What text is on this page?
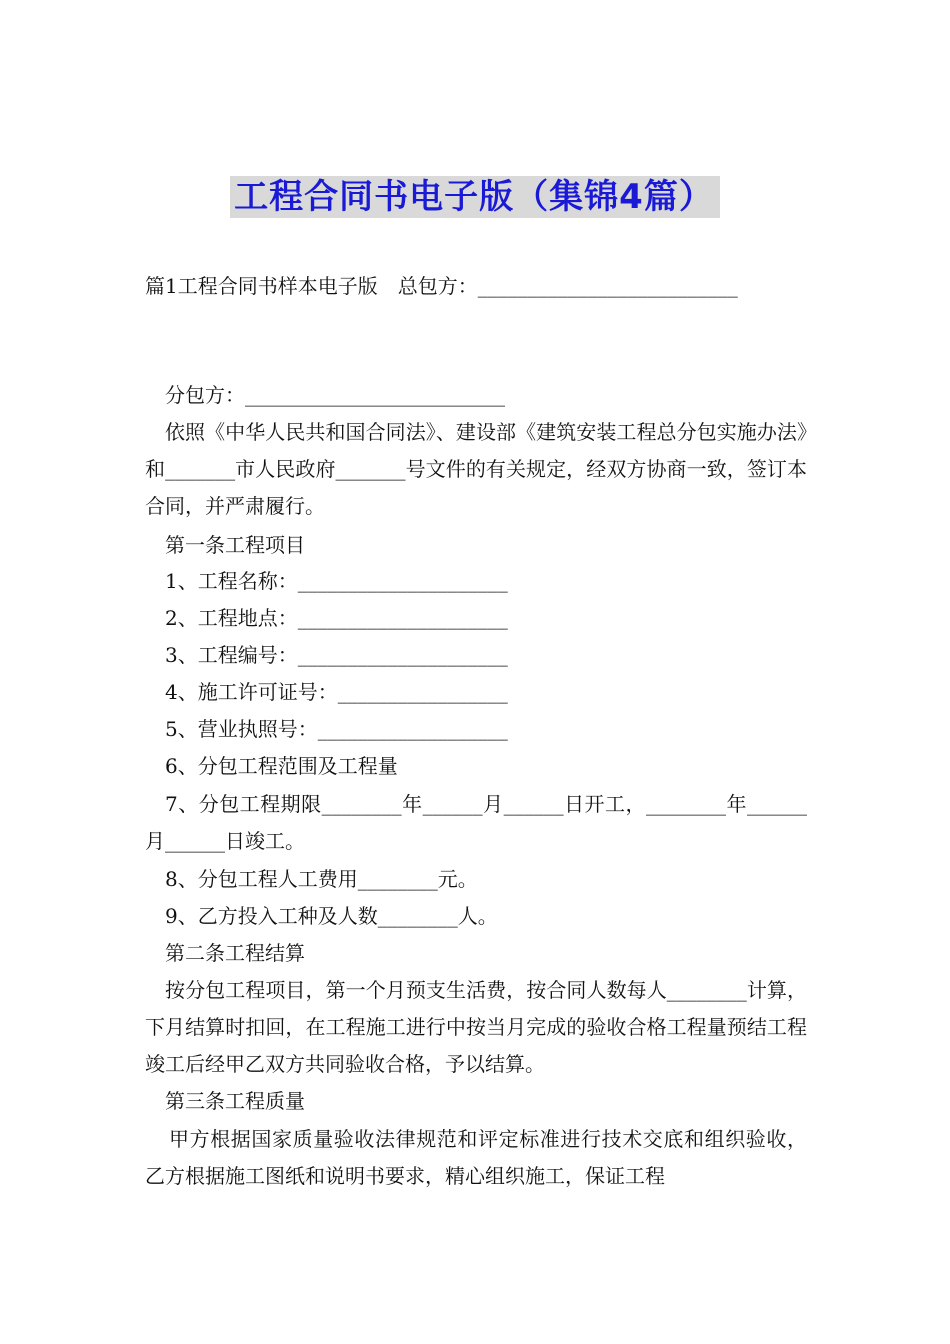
工程合同书电子版（集锦4篇）
篇1工程合同书样本电子版　总包方：__________________________
分包方：__________________________
依照《中华人民共和国合同法》、建设部《建筑安装工程总分包实施办法》和_______市人民政府_______号文件的有关规定，经双方协商一致，签订本合同，并严肃履行。
第一条工程项目
1、工程名称：_____________________
2、工程地点：_____________________
3、工程编号：_____________________
4、施工许可证号：_________________
5、营业执照号：___________________
6、分包工程范围及工程量
7、分包工程期限________年______月______日开工，________年______月______日竣工。
8、分包工程人工费用________元。
9、乙方投入工种及人数________人。
第二条工程结算
按分包工程项目，第一个月预支生活费，按合同人数每人________计算，下月结算时扣回，在工程施工进行中按当月完成的验收合格工程量预结工程竣工后经甲乙双方共同验收合格，予以结算。
第三条工程质量
甲方根据国家质量验收法律规范和评定标准进行技术交底和组织验收，乙方根据施工图纸和说明书要求，精心组织施工，保证工程
